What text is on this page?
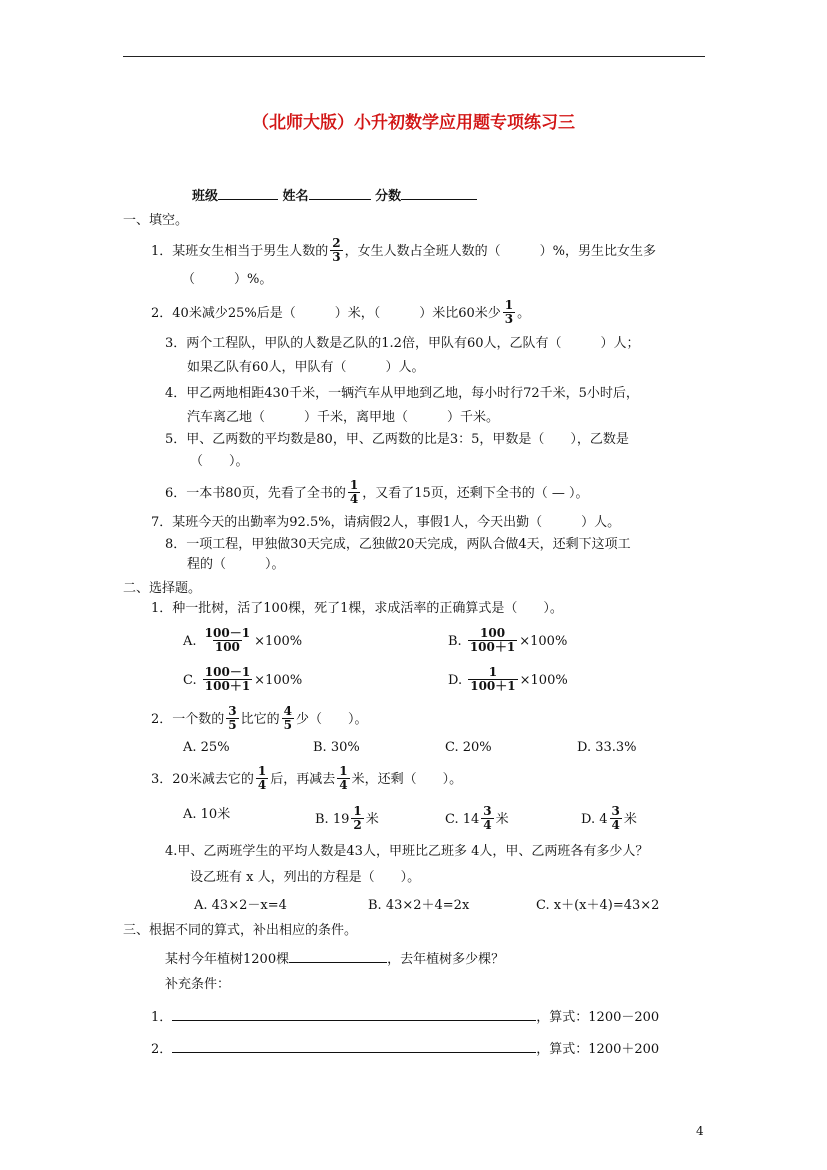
（北师大版）小升初数学应用题专项练习三
班级	姓名	分数
一、填空。
1．某班女生相当于男生人数的 $\frac{2}{3}$ ，女生人数占全班人数的（　　　）%，男生比女生多
（　　　）%。
2．40米减少25%后是（　　　）米，（　　　）米比60米少 $\frac{1}{3}$ 。
3．两个工程队，甲队的人数是乙队的1.2倍，甲队有60人，乙队有（　　　）人；
如果乙队有60人，甲队有（　　　）人。
4．甲乙两地相距430千米，一辆汽车从甲地到乙地，每小时行72千米，5小时后，
汽车离乙地（　　　）千米，离甲地（　　　）千米。
5．甲、乙两数的平均数是80，甲、乙两数的比是3：5，甲数是（　　），乙数是
（　　）。
6．一本书80页，先看了全书的 $\frac{1}{4}$ ，又看了15页，还剩下全书的（ — ）。
7．某班今天的出勤率为92.5%，请病假2人，事假1人，今天出勤（　　　）人。
8．一项工程，甲独做30天完成，乙独做20天完成，两队合做4天，还剩下这项工
程的（　　　）。
二、选择题。
1．种一批树，活了100棵，死了1棵，求成活率的正确算式是（　　）。
A. $\frac{100-1}{100} \times 100\%$	B. $\frac{100}{100+1} \times 100\%$
C. $\frac{100-1}{100+1} \times 100\%$	D. $\frac{1}{100+1} \times 100\%$
2．一个数的 $\frac{3}{5}$ 比它的 $\frac{4}{5}$ 少（　　）。
A. 25%	B. 30%	C. 20%	D. 33.3%
3．20米减去它的 $\frac{1}{4}$ 后，再减去 $\frac{1}{4}$ 米，还剩（　　）。
A. 10米	B. $19 \frac{1}{2}$ 米	C. $14 \frac{3}{4}$ 米	D. $4 \frac{3}{4}$ 米
4.甲、乙两班学生的平均人数是43人，甲班比乙班多 4人，甲、乙两班各有多少人？
设乙班有 x 人，列出的方程是（　　）。
A. 43×2－x=4	B. 43×2＋4=2x	C. x＋(x＋4)=43×2
三、根据不同的算式，补出相应的条件。
某村今年植树1200棵	，去年植树多少棵？
补充条件：
1．	，算式：1200－200
2．	，算式：1200＋200
4
